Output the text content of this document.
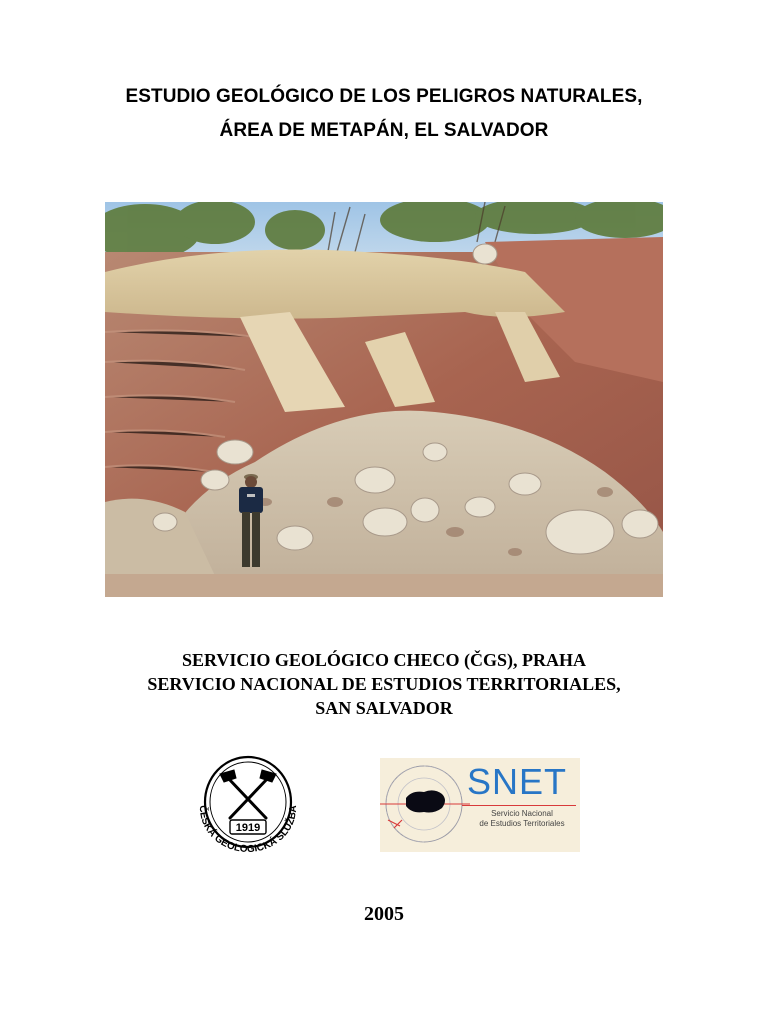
ESTUDIO GEOLÓGICO DE LOS PELIGROS NATURALES,
ÁREA DE METAPÁN, EL SALVADOR
SERVICIO GEOLÓGICO CHECO (ČGS), PRAHA
SERVICIO NACIONAL DE ESTUDIOS TERRITORIALES,
SAN SALVADOR
1919
ČESKÁ GEOLOGICKÁ SLUŽBA
SNET
Servicio Nacional
de Estudios Territoriales
2005
